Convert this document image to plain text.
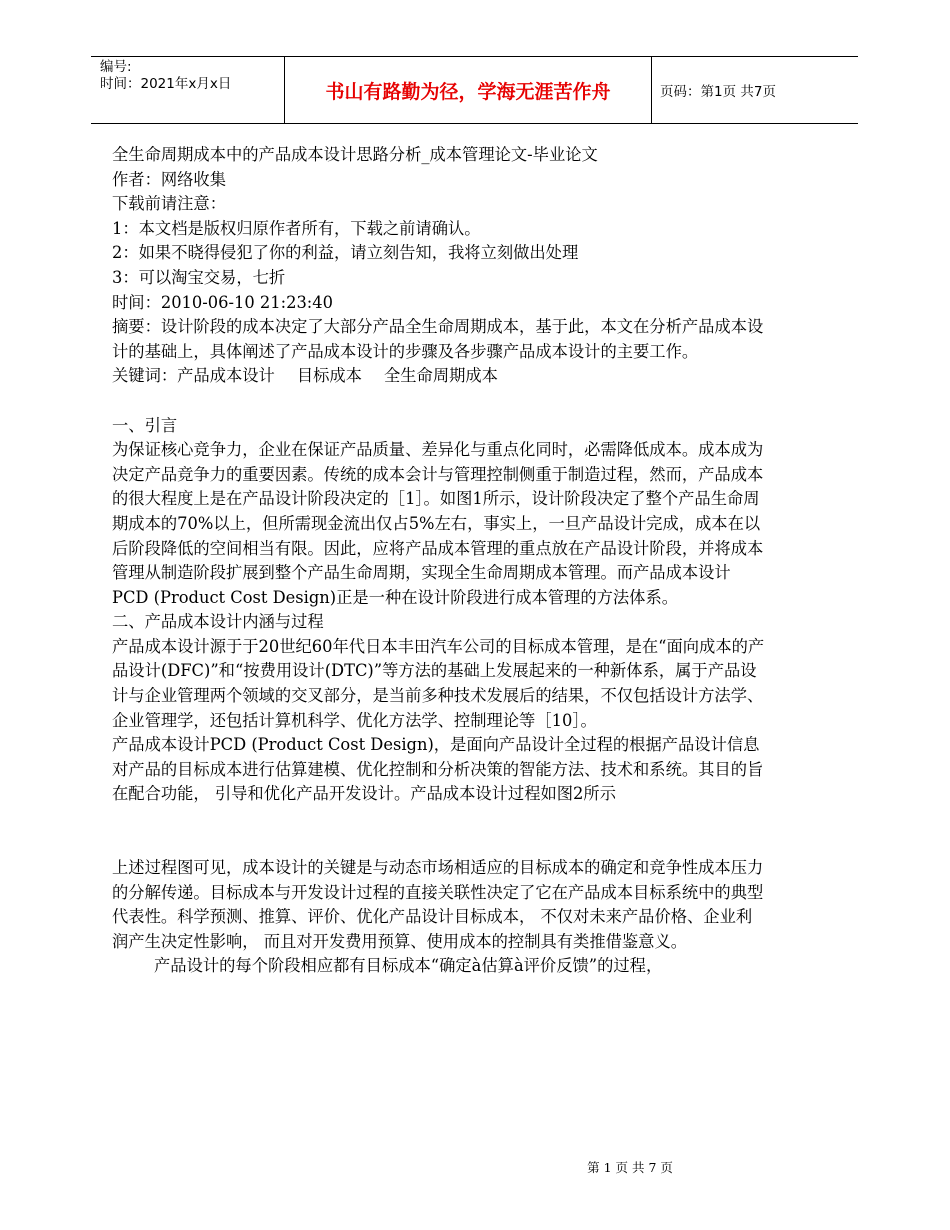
编号:
时间：2021年x月x日	书山有路勤为径，学海无涯苦作舟	页码：第1页 共7页

全生命周期成本中的产品成本设计思路分析_成本管理论文-毕业论文

作者：网络收集

下载前请注意：

1：本文档是版权归原作者所有，下载之前请确认。

2：如果不晓得侵犯了你的利益，请立刻告知，我将立刻做出处理

3：可以淘宝交易，七折

时间：2010-06-10 21:23:40

摘要：设计阶段的成本决定了大部分产品全生命周期成本，基于此，本文在分析产品成本设计的基础上，具体阐述了产品成本设计的步骤及各步骤产品成本设计的主要工作。

关键词：产品成本设计 目标成本 全生命周期成本

一、引言

为保证核心竞争力，企业在保证产品质量、差异化与重点化同时，必需降低成本。成本成为决定产品竞争力的重要因素。传统的成本会计与管理控制侧重于制造过程，然而，产品成本的很大程度上是在产品设计阶段决定的［1］。如图1所示，设计阶段决定了整个产品生命周期成本的70%以上，但所需现金流出仅占5%左右，事实上，一旦产品设计完成，成本在以后阶段降低的空间相当有限。因此，应将产品成本管理的重点放在产品设计阶段，并将成本管理从制造阶段扩展到整个产品生命周期，实现全生命周期成本管理。而产品成本设计PCD (Product Cost Design)正是一种在设计阶段进行成本管理的方法体系。

二、产品成本设计内涵与过程

产品成本设计源于于20世纪60年代日本丰田汽车公司的目标成本管理，是在“面向成本的产品设计(DFC)”和“按费用设计(DTC)”等方法的基础上发展起来的一种新体系，属于产品设计与企业管理两个领域的交叉部分，是当前多种技术发展后的结果，不仅包括设计方法学、企业管理学，还包括计算机科学、优化方法学、控制理论等［10］。

产品成本设计PCD (Product Cost Design)，是面向产品设计全过程的根据产品设计信息对产品的目标成本进行估算建模、优化控制和分析决策的智能方法、技术和系统。其目的旨在配合功能， 引导和优化产品开发设计。产品成本设计过程如图2所示

上述过程图可见，成本设计的关键是与动态市场相适应的目标成本的确定和竞争性成本压力的分解传递。目标成本与开发设计过程的直接关联性决定了它在产品成本目标系统中的典型代表性。科学预测、推算、评价、优化产品设计目标成本， 不仅对未来产品价格、企业利润产生决定性影响， 而且对开发费用预算、使用成本的控制具有类推借鉴意义。

产品设计的每个阶段相应都有目标成本“确定à估算à评价反馈”的过程，

第 1 页 共 7 页
